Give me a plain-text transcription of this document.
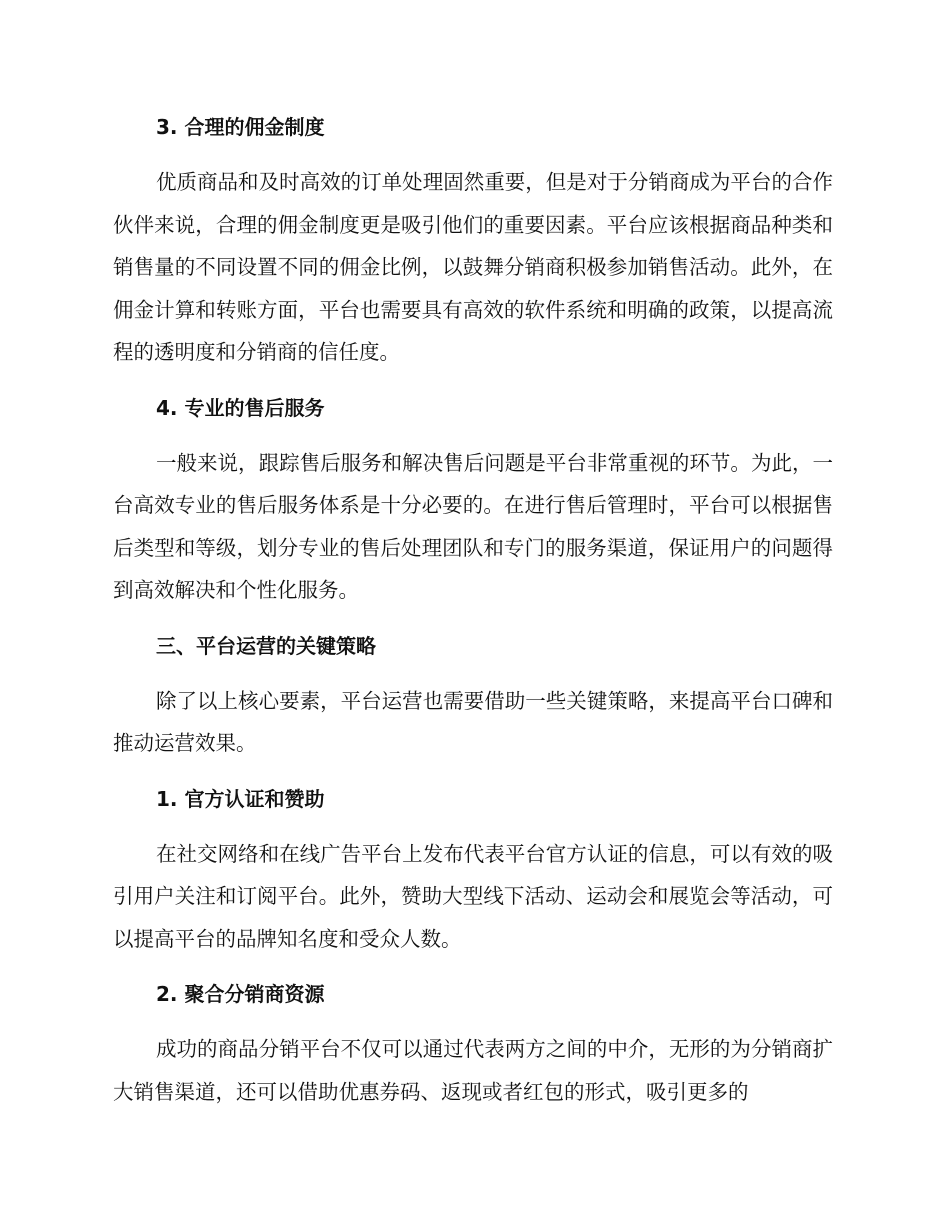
3. 合理的佣金制度

优质商品和及时高效的订单处理固然重要，但是对于分销商成为平台的合作伙伴来说，合理的佣金制度更是吸引他们的重要因素。平台应该根据商品种类和销售量的不同设置不同的佣金比例，以鼓舞分销商积极参加销售活动。此外，在佣金计算和转账方面，平台也需要具有高效的软件系统和明确的政策，以提高流程的透明度和分销商的信任度。

4. 专业的售后服务

一般来说，跟踪售后服务和解决售后问题是平台非常重视的环节。为此，一台高效专业的售后服务体系是十分必要的。在进行售后管理时，平台可以根据售后类型和等级，划分专业的售后处理团队和专门的服务渠道，保证用户的问题得到高效解决和个性化服务。

三、平台运营的关键策略

除了以上核心要素，平台运营也需要借助一些关键策略，来提高平台口碑和推动运营效果。

1. 官方认证和赞助

在社交网络和在线广告平台上发布代表平台官方认证的信息，可以有效的吸引用户关注和订阅平台。此外，赞助大型线下活动、运动会和展览会等活动，可以提高平台的品牌知名度和受众人数。

2. 聚合分销商资源

成功的商品分销平台不仅可以通过代表两方之间的中介，无形的为分销商扩大销售渠道，还可以借助优惠券码、返现或者红包的形式，吸引更多的
